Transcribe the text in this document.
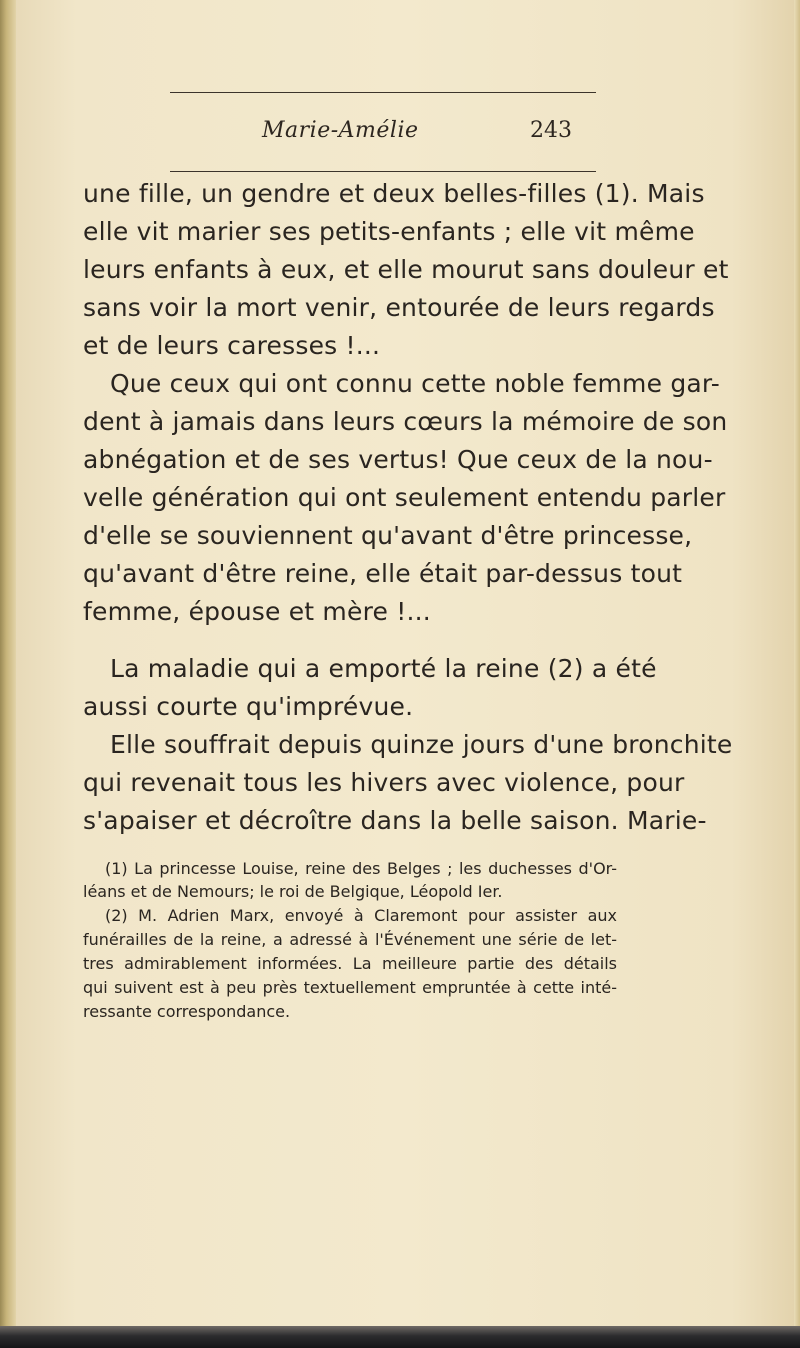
Marie-Amélie	243
une fille, un gendre et deux belles-filles (1). Mais
elle vit marier ses petits-enfants ; elle vit même
leurs enfants à eux, et elle mourut sans douleur et
sans voir la mort venir, entourée de leurs regards
et de leurs caresses !...
Que ceux qui ont connu cette noble femme gar-
dent à jamais dans leurs cœurs la mémoire de son
abnégation et de ses vertus! Que ceux de la nou-
velle génération qui ont seulement entendu parler
d'elle se souviennent qu'avant d'être princesse,
qu'avant d'être reine, elle était par-dessus tout
femme, épouse et mère !...
La maladie qui a emporté la reine (2) a été
aussi courte qu'imprévue.
Elle souffrait depuis quinze jours d'une bronchite
qui revenait tous les hivers avec violence, pour
s'apaiser et décroître dans la belle saison. Marie-
(1) La princesse Louise, reine des Belges ; les duchesses d'Or-
léans et de Nemours; le roi de Belgique, Léopold Ier.
(2) M. Adrien Marx, envoyé à Claremont pour assister aux
funérailles de la reine, a adressé à l'Événement une série de let-
tres admirablement informées. La meilleure partie des détails
qui suivent est à peu près textuellement empruntée à cette inté-
ressante correspondance.
